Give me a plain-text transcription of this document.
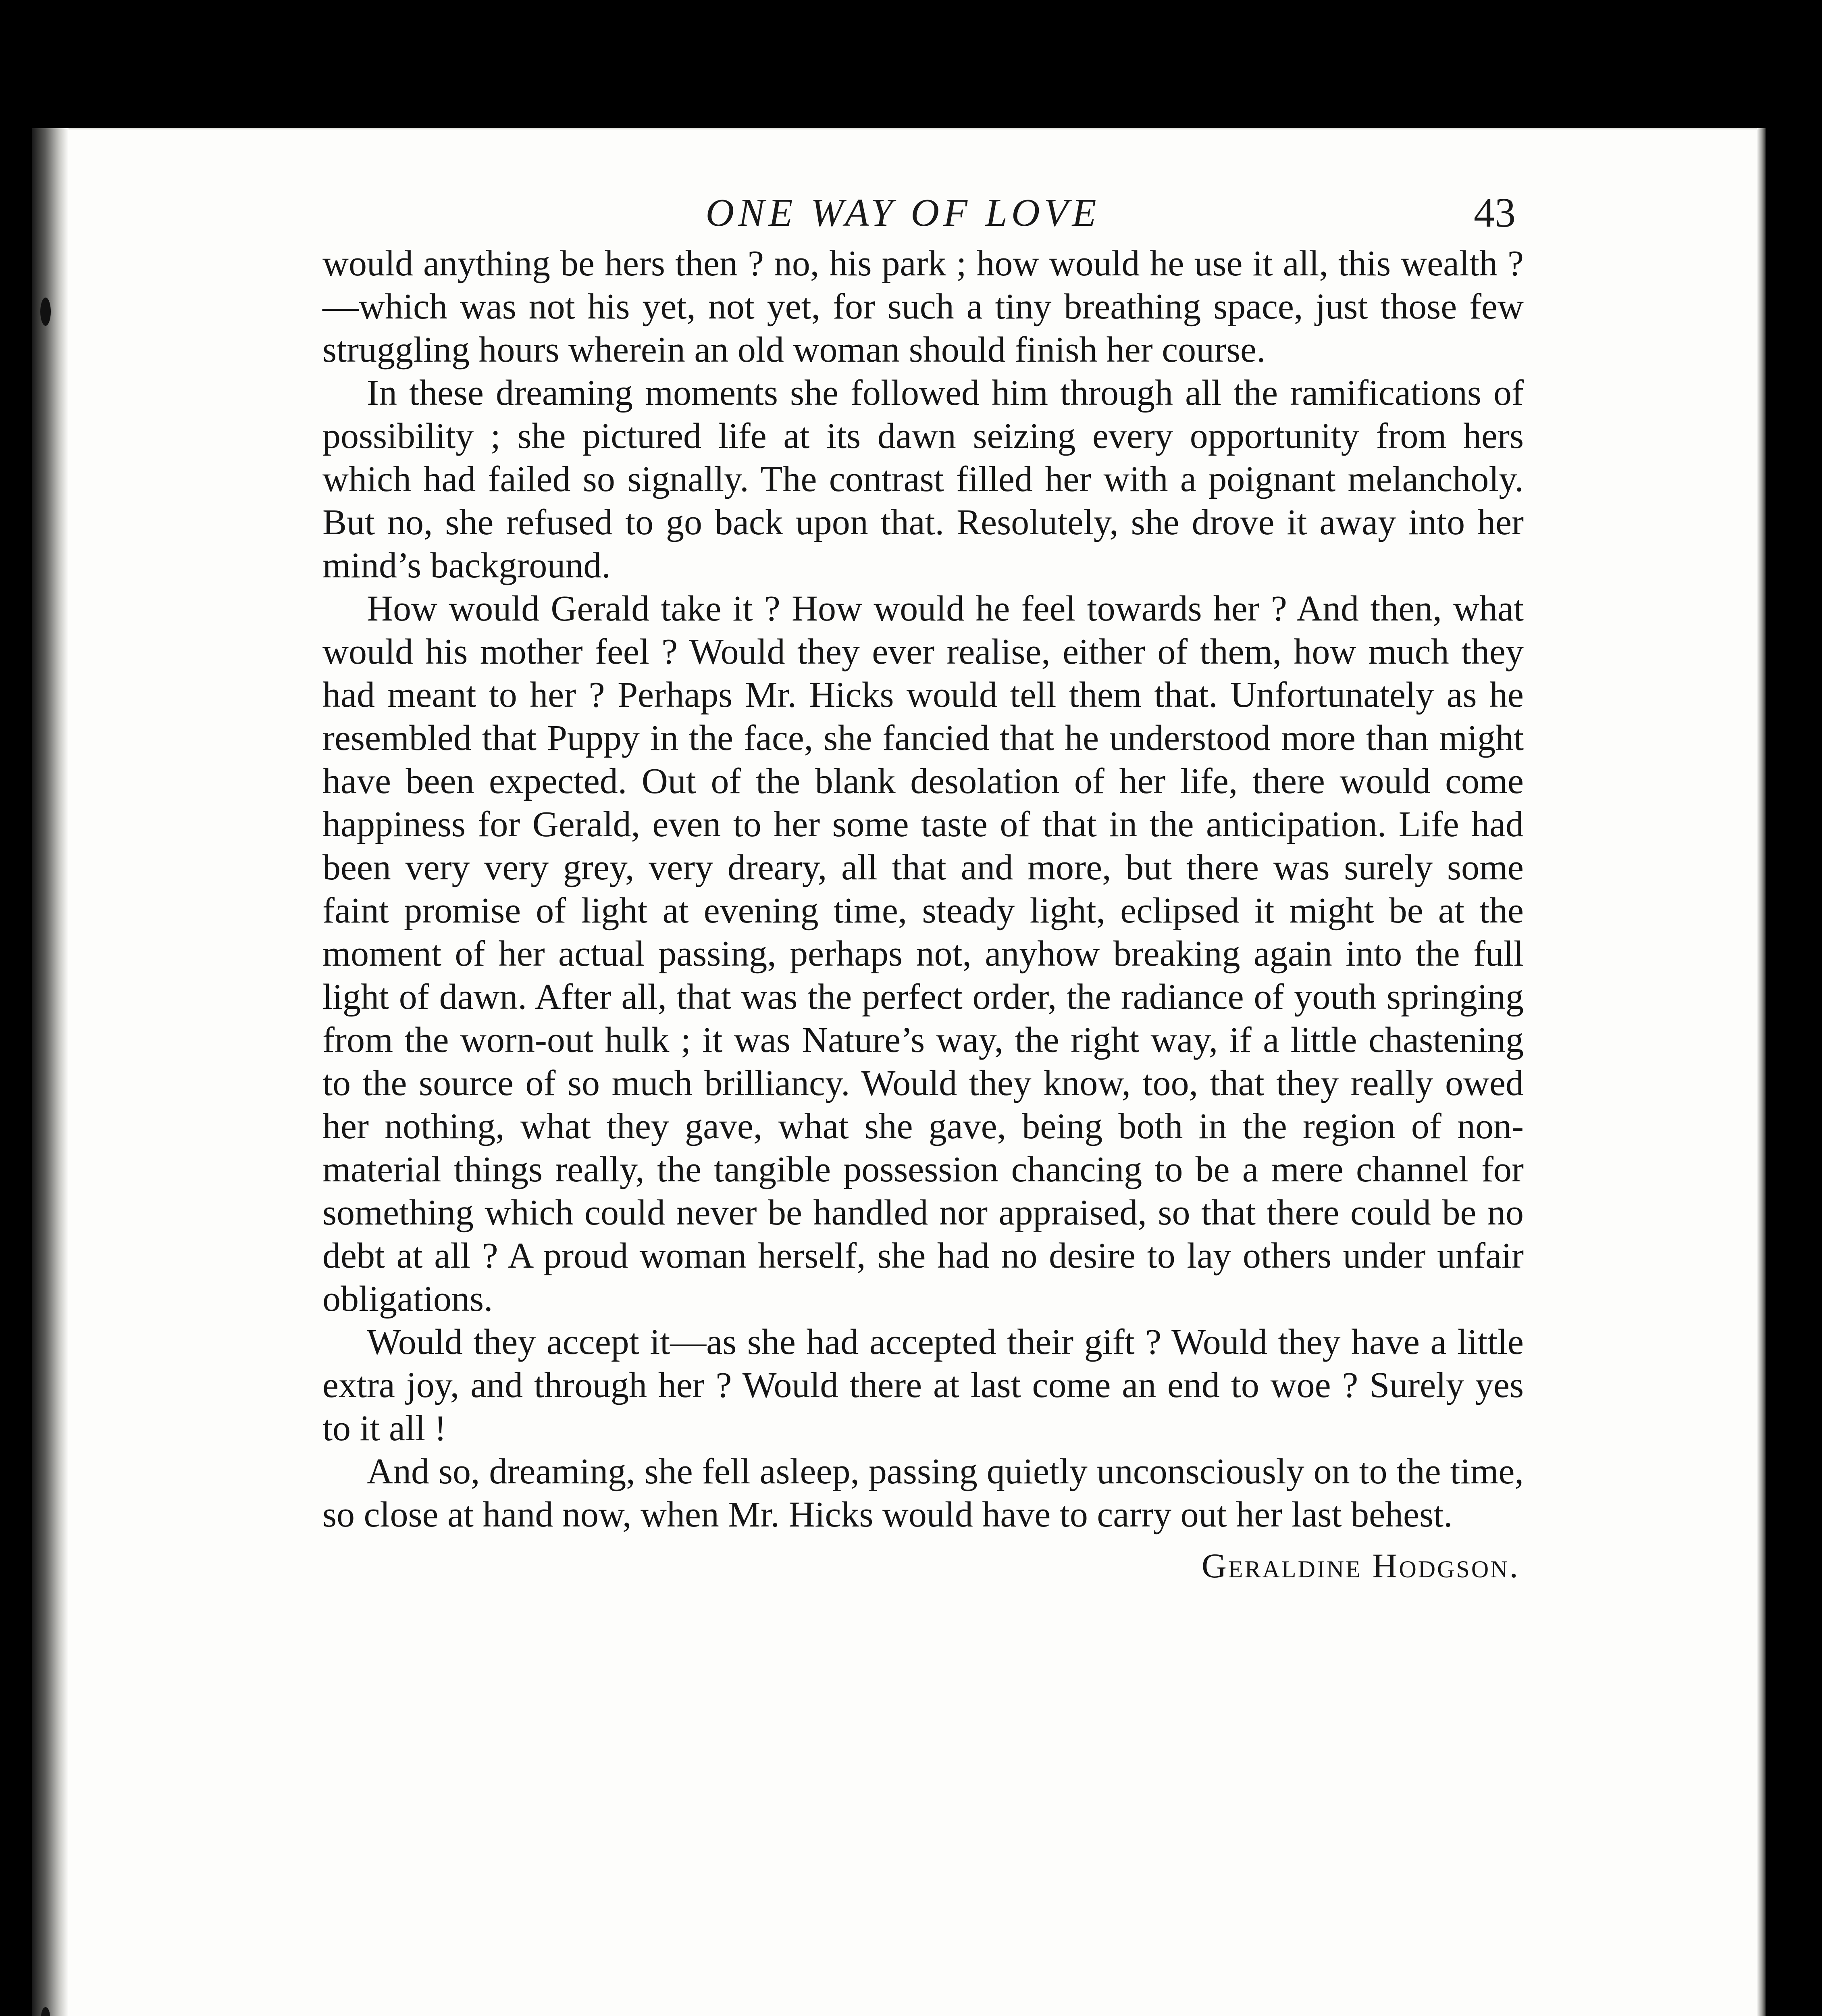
ONE WAY OF LOVE	43

would anything be hers then ? no, his park ; how would he use it all, this wealth ?—which was not his yet, not yet, for such a tiny breathing space, just those few struggling hours wherein an old woman should finish her course.

In these dreaming moments she followed him through all the ramifications of possibility ; she pictured life at its dawn seizing every opportunity from hers which had failed so signally. The contrast filled her with a poignant melancholy. But no, she refused to go back upon that. Resolutely, she drove it away into her mind’s background.

How would Gerald take it ? How would he feel towards her ? And then, what would his mother feel ? Would they ever realise, either of them, how much they had meant to her ? Perhaps Mr. Hicks would tell them that. Unfortunately as he resembled that Puppy in the face, she fancied that he understood more than might have been expected. Out of the blank desolation of her life, there would come happiness for Gerald, even to her some taste of that in the anticipation. Life had been very very grey, very dreary, all that and more, but there was surely some faint promise of light at evening time, steady light, eclipsed it might be at the moment of her actual passing, perhaps not, anyhow breaking again into the full light of dawn. After all, that was the perfect order, the radiance of youth springing from the worn-out hulk ; it was Nature’s way, the right way, if a little chastening to the source of so much brilliancy. Would they know, too, that they really owed her nothing, what they gave, what she gave, being both in the region of non-material things really, the tangible possession chancing to be a mere channel for something which could never be handled nor appraised, so that there could be no debt at all ? A proud woman herself, she had no desire to lay others under unfair obligations.

Would they accept it—as she had accepted their gift ? Would they have a little extra joy, and through her ? Would there at last come an end to woe ? Surely yes to it all !

And so, dreaming, she fell asleep, passing quietly unconsciously on to the time, so close at hand now, when Mr. Hicks would have to carry out her last behest.

Geraldine Hodgson.
